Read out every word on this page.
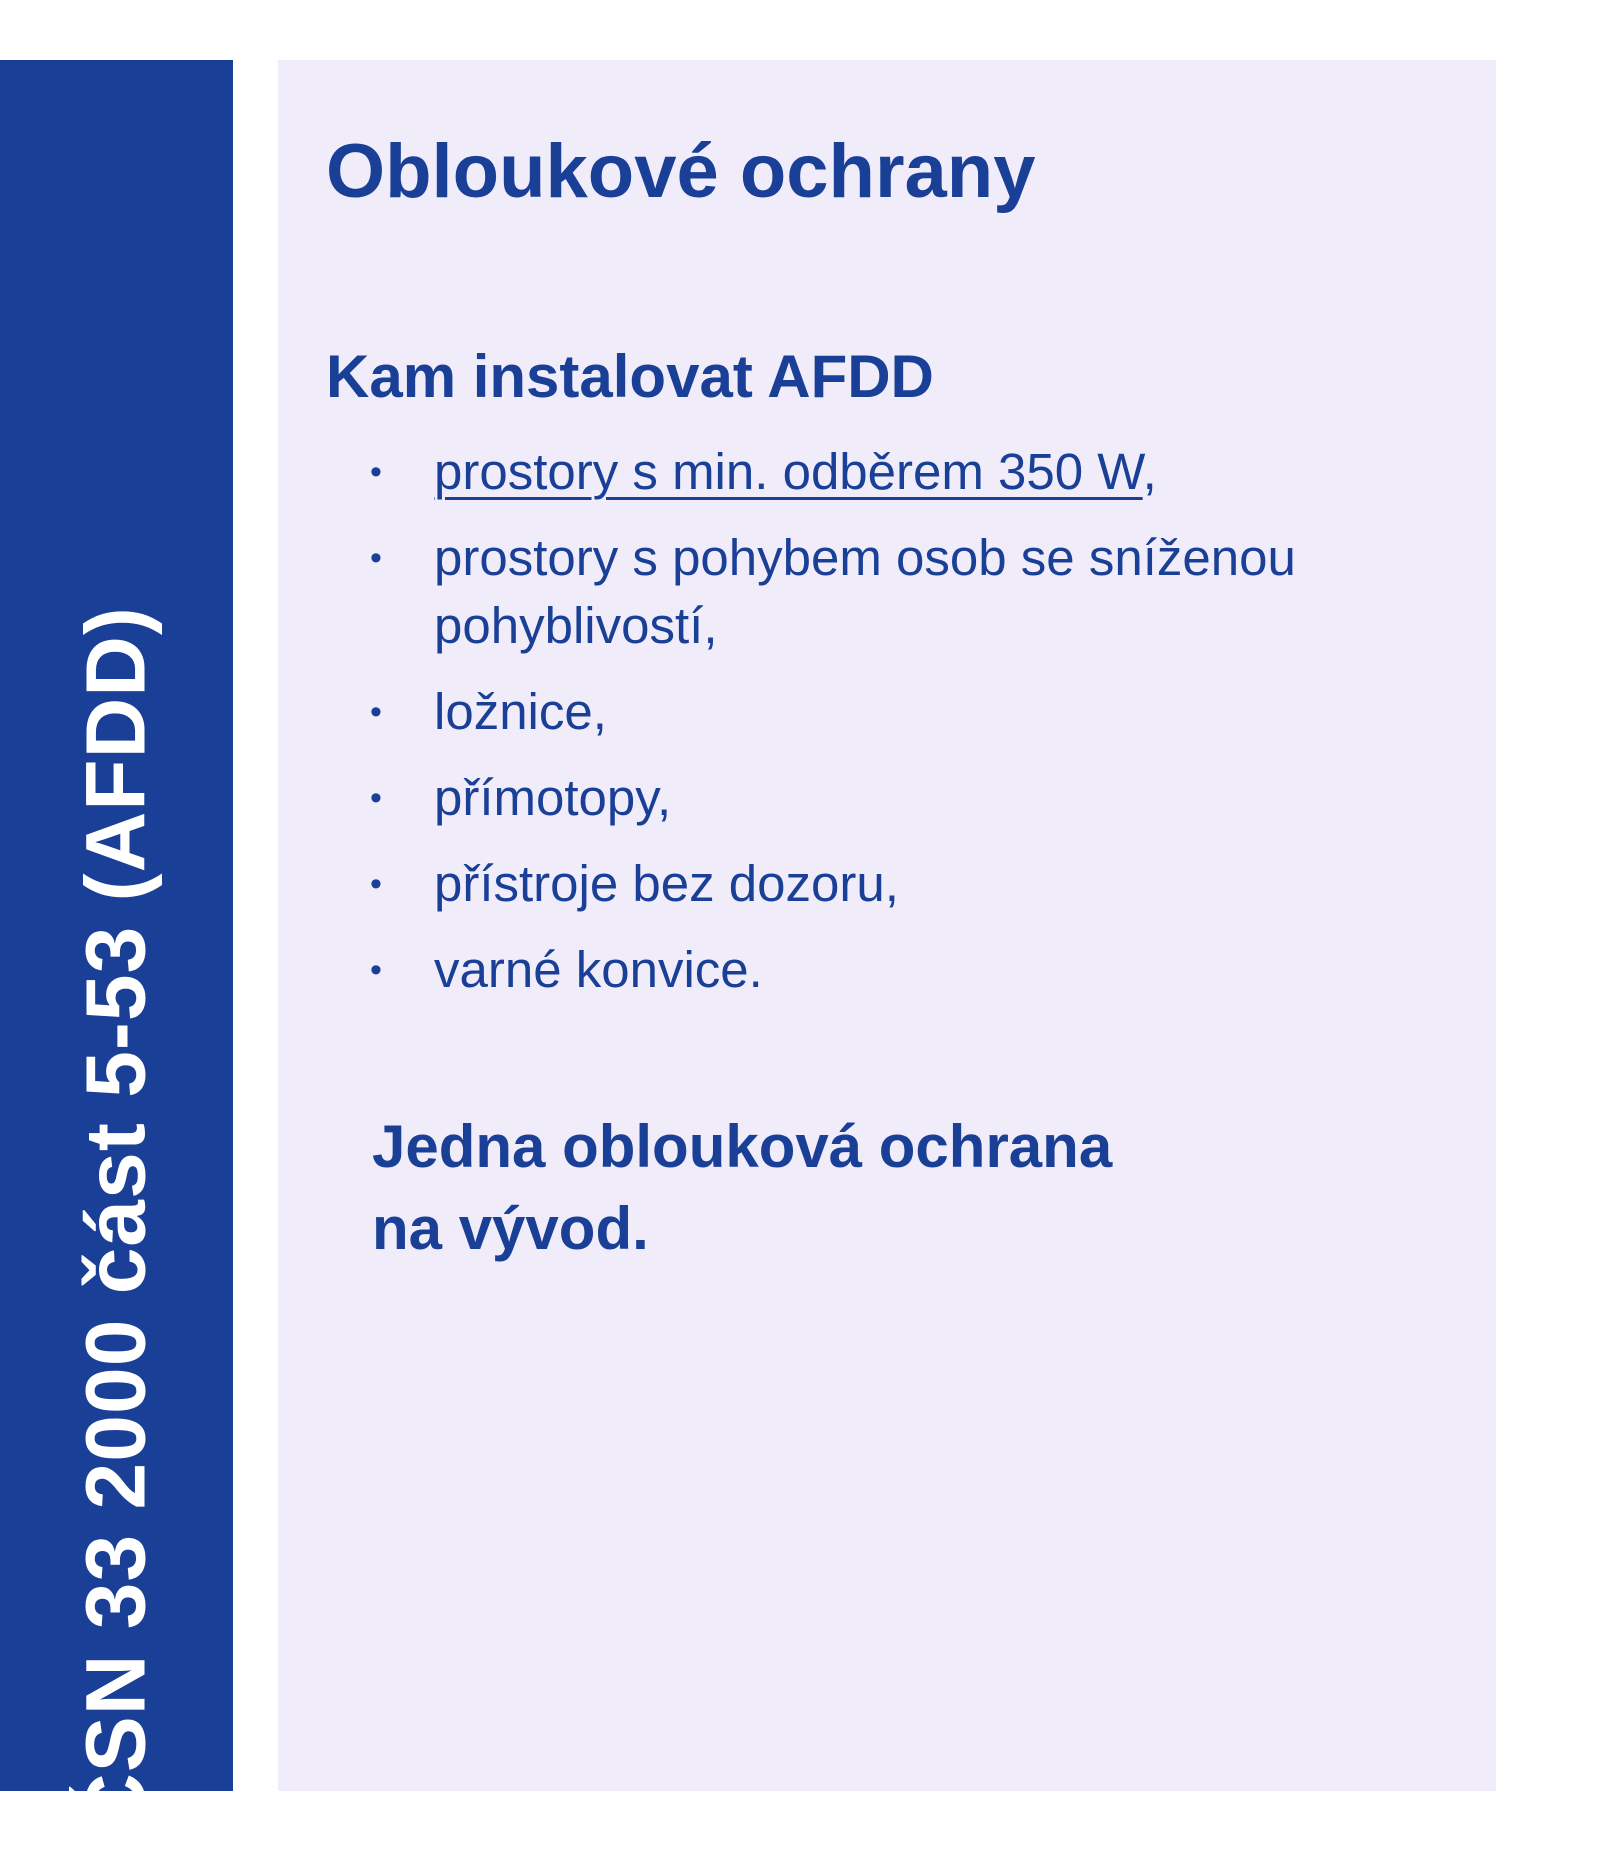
ČSN 33 2000 část 5-53 (AFDD)
Obloukové ochrany
Kam instalovat AFDD
• prostory s min. odběrem 350 W,
• prostory s pohybem osob se sníženou pohyblivostí,
• ložnice,
• přímotopy,
• přístroje bez dozoru,
• varné konvice.

Jedna oblouková ochrana
na vývod.
